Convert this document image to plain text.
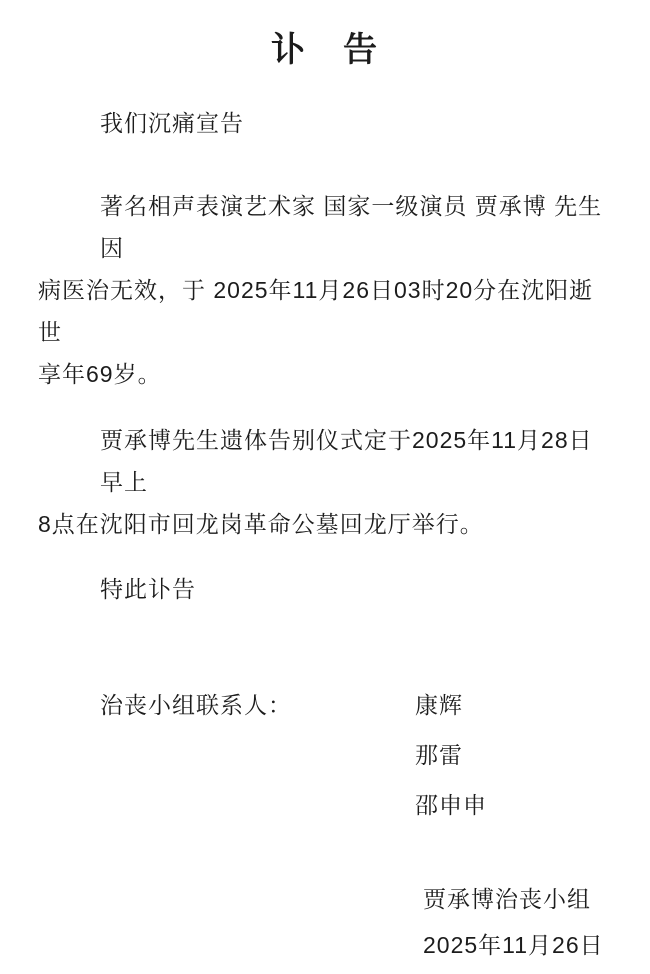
讣　告

我们沉痛宣告

著名相声表演艺术家 国家一级演员 贾承博 先生因
病医治无效，于 2025年11月26日03时20分在沈阳逝世
享年69岁。
贾承博先生遗体告别仪式定于2025年11月28日早上
8点在沈阳市回龙岗革命公墓回龙厅举行。

特此讣告

治丧小组联系人：	康辉
那雷
邵申申
贾承博治丧小组
2025年11月26日
